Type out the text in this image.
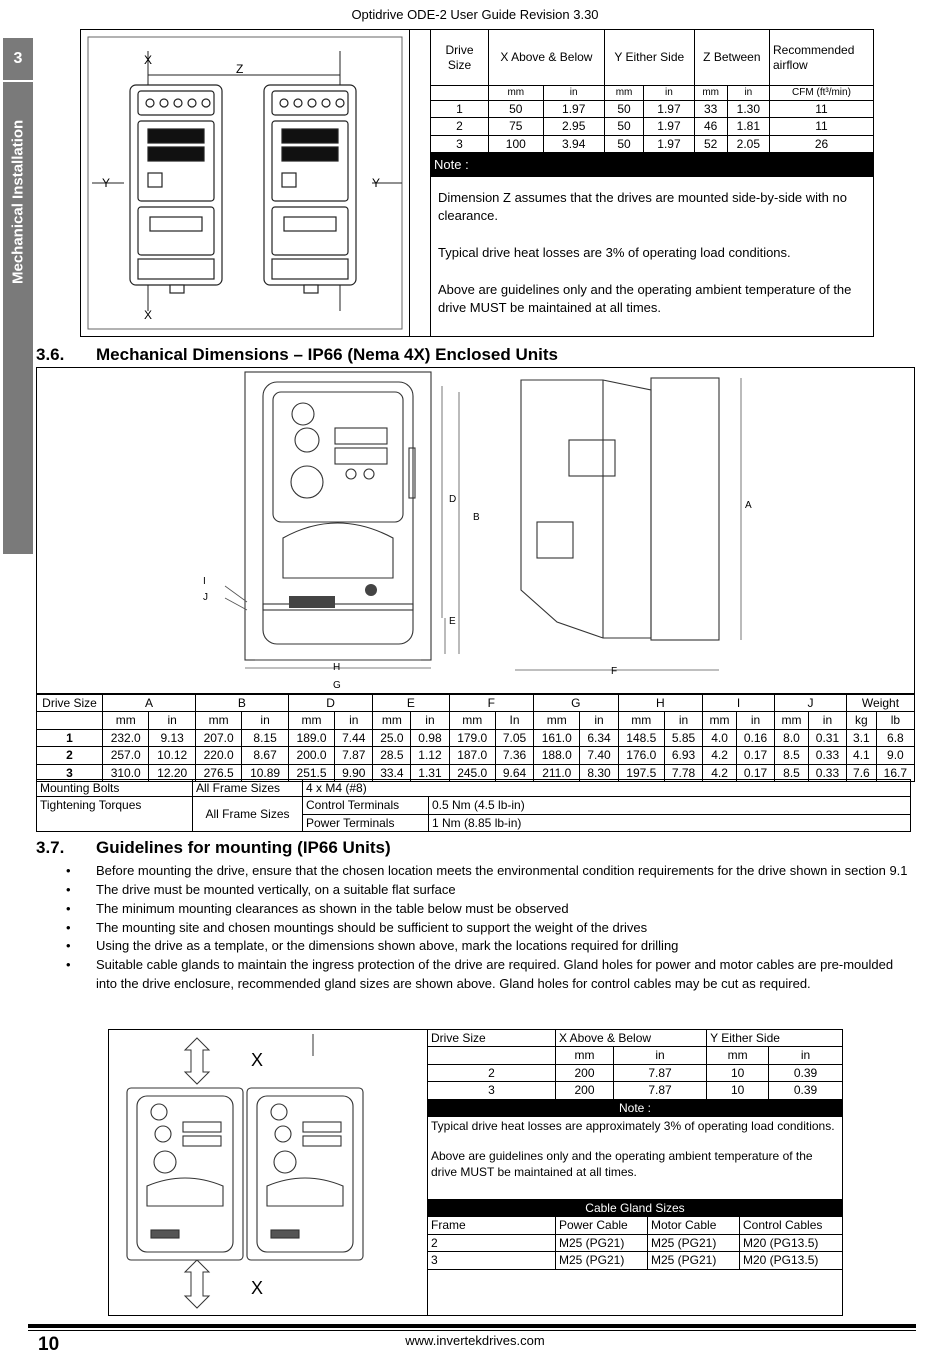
Optidrive ODE-2 User Guide Revision 3.30
3
Mechanical Installation
X
Z
Y	Y
X
Drive Size	X Above & Below		Y Either Side		Z Between		Recommended airflow
	mm	in	mm	in	mm	in	CFM (ft³/min)
1	50	1.97	50	1.97	33	1.30	11
2	75	2.95	50	1.97	46	1.81	11
3	100	3.94	50	1.97	52	2.05	26
Note :							
Dimension Z assumes that the drives are mounted side-by-side with no clearance.
Typical drive heat losses are 3% of operating load conditions.
Above are guidelines only and the operating ambient temperature of the drive MUST be maintained at all times.
3.6. Mechanical Dimensions – IP66 (Nema 4X) Enclosed Units
H
G
D
B
E
I
J
A
F
Drive Size	A		B		D		E		F		G		H		I		J		Weight	
	mm	in	mm	in	mm	in	mm	in	mm	In	mm	in	mm	in	mm	in	mm	in	kg	lb
1	232.0	9.13	207.0	8.15	189.0	7.44	25.0	0.98	179.0	7.05	161.0	6.34	148.5	5.85	4.0	0.16	8.0	0.31	3.1	6.8
2	257.0	10.12	220.0	8.67	200.0	7.87	28.5	1.12	187.0	7.36	188.0	7.40	176.0	6.93	4.2	0.17	8.5	0.33	4.1	9.0
3	310.0	12.20	276.5	10.89	251.5	9.90	33.4	1.31	245.0	9.64	211.0	8.30	197.5	7.78	4.2	0.17	8.5	0.33	7.6	16.7
Mounting Bolts	All Frame Sizes	4 x M4 (#8)	
Tightening Torques	All Frame Sizes	Control Terminals	0.5 Nm (4.5 lb-in)
		Power Terminals	1 Nm (8.85 lb-in)
3.7. Guidelines for mounting (IP66 Units)
• Before mounting the drive, ensure that the chosen location meets the environmental condition requirements for the drive shown in section 9.1
• The drive must be mounted vertically, on a suitable flat surface
• The minimum mounting clearances as shown in the table below must be observed
• The mounting site and chosen mountings should be sufficient to support the weight of the drives
• Using the drive as a template, or the dimensions shown above, mark the locations required for drilling
• Suitable cable glands to maintain the ingress protection of the drive are required. Gland holes for power and motor cables are pre-moulded into the drive enclosure, recommended gland sizes are shown above. Gland holes for control cables may be cut as required.
X
X
Drive Size	X Above & Below		Y Either Side	
	mm	in	mm	in
2	200	7.87	10	0.39
3	200	7.87	10	0.39
Note :				

Typical drive heat losses are approximately 3% of operating load conditions.
Above are guidelines only and the operating ambient temperature of the drive MUST be maintained at all times.				
Cable Gland Sizes			
Frame	Power Cable	Motor Cable	Control Cables
2	M25 (PG21)	M25 (PG21)	M20 (PG13.5)
3	M25 (PG21)	M25 (PG21)	M20 (PG13.5)
10	www.invertekdrives.com
